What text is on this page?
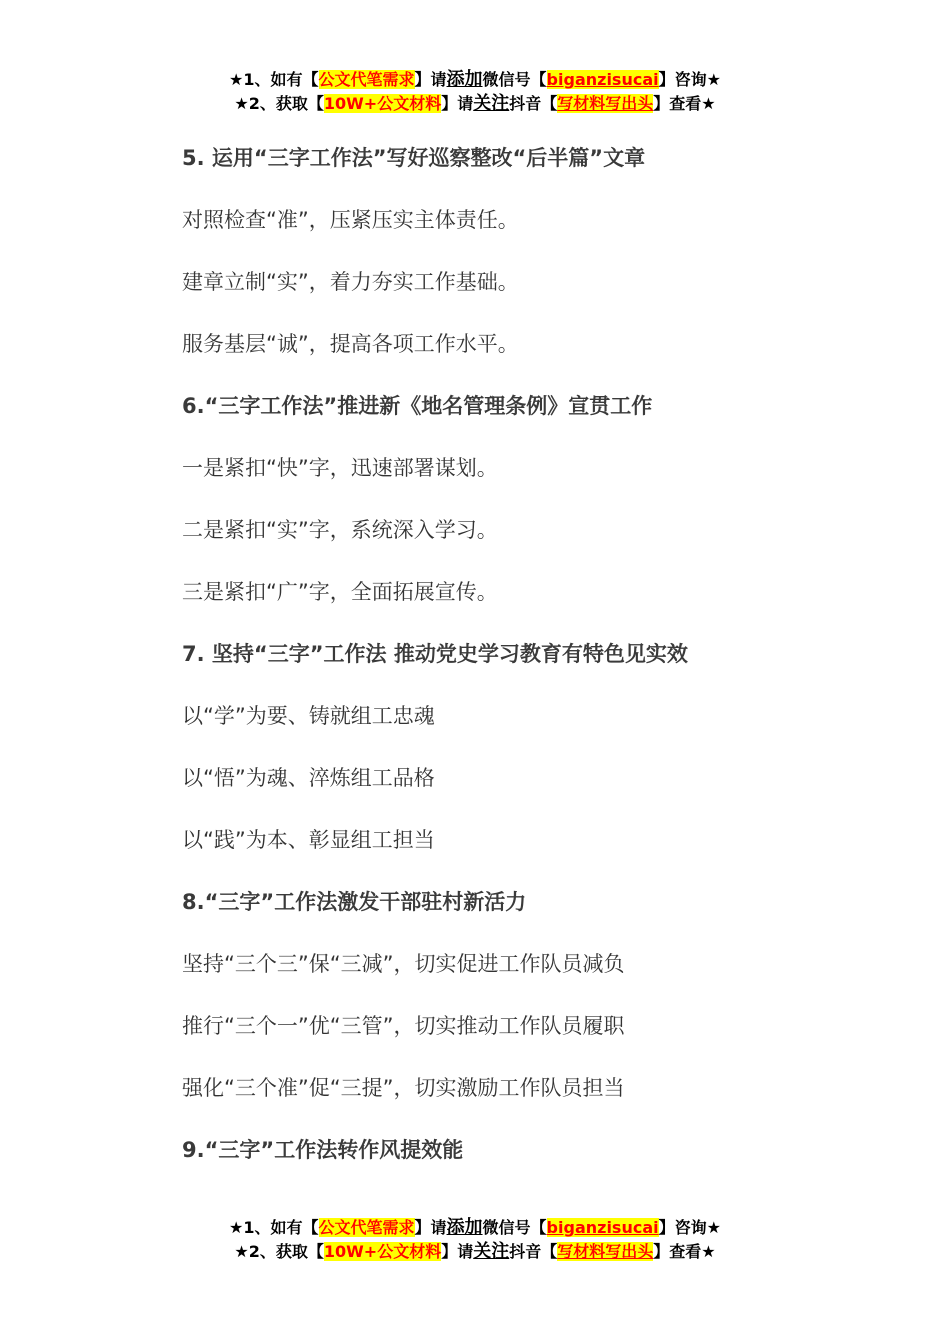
★1、如有【公文代笔需求】请添加微信号【biganzisucai】咨询★
★2、获取【10W+公文材料】请关注抖音【写材料写出头】查看★
5. 运用“三字工作法”写好巡察整改“后半篇”文章
对照检查“准”，压紧压实主体责任。
建章立制“实”，着力夯实工作基础。
服务基层“诚”，提高各项工作水平。
6.“三字工作法”推进新《地名管理条例》宣贯工作
一是紧扣“快”字，迅速部署谋划。
二是紧扣“实”字，系统深入学习。
三是紧扣“广”字，全面拓展宣传。
7. 坚持“三字”工作法 推动党史学习教育有特色见实效
以“学”为要、铸就组工忠魂
以“悟”为魂、淬炼组工品格
以“践”为本、彰显组工担当
8.“三字”工作法激发干部驻村新活力
坚持“三个三”保“三减”，切实促进工作队员减负
推行“三个一”优“三管”，切实推动工作队员履职
强化“三个准”促“三提”，切实激励工作队员担当
9.“三字”工作法转作风提效能
★1、如有【公文代笔需求】请添加微信号【biganzisucai】咨询★
★2、获取【10W+公文材料】请关注抖音【写材料写出头】查看★
